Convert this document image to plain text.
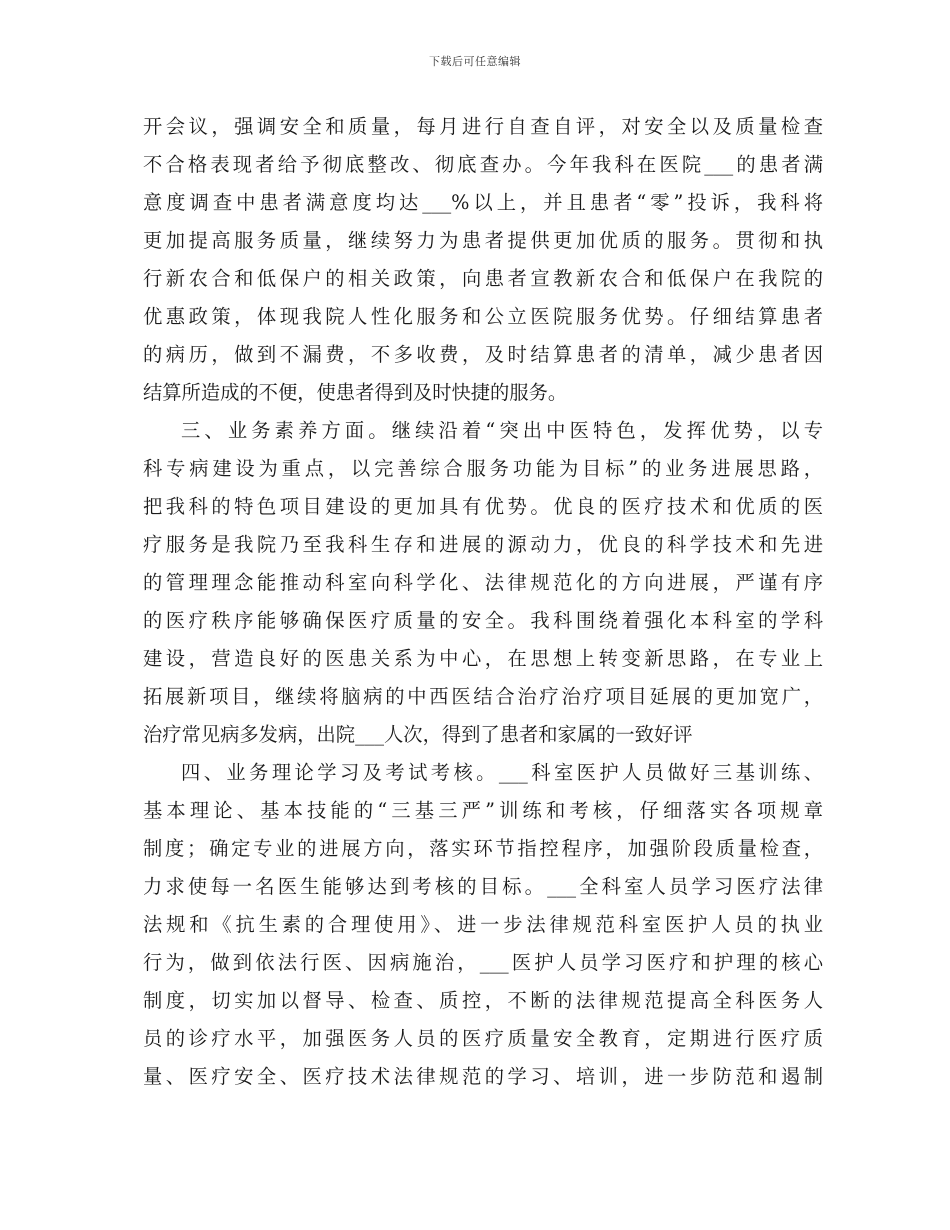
下载后可任意编辑
开会议，强调安全和质量，每月进行自查自评，对安全以及质量检查
不合格表现者给予彻底整改、彻底查办。今年我科在医院___的患者满
意度调查中患者满意度均达___%以上，并且患者“零”投诉，我科将
更加提高服务质量，继续努力为患者提供更加优质的服务。贯彻和执
行新农合和低保户的相关政策，向患者宣教新农合和低保户在我院的
优惠政策，体现我院人性化服务和公立医院服务优势。仔细结算患者
的病历，做到不漏费，不多收费，及时结算患者的清单，减少患者因
结算所造成的不便，使患者得到及时快捷的服务。
三、业务素养方面。继续沿着“突出中医特色，发挥优势，以专
科专病建设为重点，以完善综合服务功能为目标”的业务进展思路，
把我科的特色项目建设的更加具有优势。优良的医疗技术和优质的医
疗服务是我院乃至我科生存和进展的源动力，优良的科学技术和先进
的管理理念能推动科室向科学化、法律规范化的方向进展，严谨有序
的医疗秩序能够确保医疗质量的安全。我科围绕着强化本科室的学科
建设，营造良好的医患关系为中心，在思想上转变新思路，在专业上
拓展新项目，继续将脑病的中西医结合治疗治疗项目延展的更加宽广，
治疗常见病多发病，出院___人次，得到了患者和家属的一致好评
四、业务理论学习及考试考核。___科室医护人员做好三基训练、
基本理论、基本技能的“三基三严”训练和考核，仔细落实各项规章
制度；确定专业的进展方向，落实环节指控程序，加强阶段质量检查，
力求使每一名医生能够达到考核的目标。___全科室人员学习医疗法律
法规和《抗生素的合理使用》、进一步法律规范科室医护人员的执业
行为，做到依法行医、因病施治，___医护人员学习医疗和护理的核心
制度，切实加以督导、检查、质控，不断的法律规范提高全科医务人
员的诊疗水平，加强医务人员的医疗质量安全教育，定期进行医疗质
量、医疗安全、医疗技术法律规范的学习、培训，进一步防范和遏制
